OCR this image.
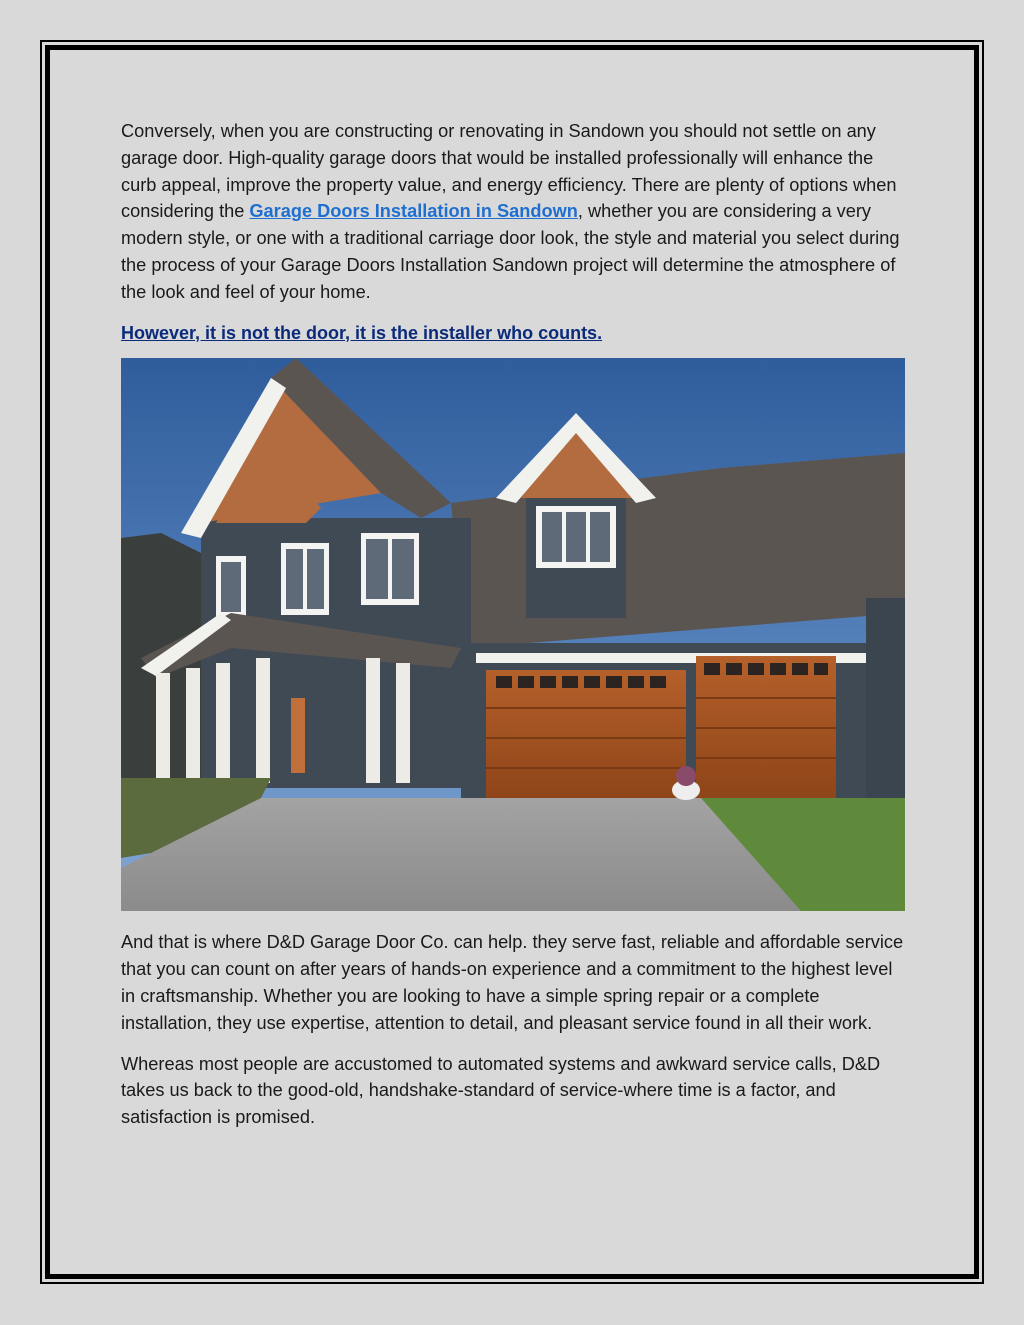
Conversely, when you are constructing or renovating in Sandown you should not settle on any garage door. High-quality garage doors that would be installed professionally will enhance the curb appeal, improve the property value, and energy efficiency. There are plenty of options when considering the Garage Doors Installation in Sandown, whether you are considering a very modern style, or one with a traditional carriage door look, the style and material you select during the process of your Garage Doors Installation Sandown project will determine the atmosphere of the look and feel of your home.

However, it is not the door, it is the installer who counts.

And that is where D&D Garage Door Co. can help. they serve fast, reliable and affordable service that you can count on after years of hands-on experience and a commitment to the highest level in craftsmanship. Whether you are looking to have a simple spring repair or a complete installation, they use expertise, attention to detail, and pleasant service found in all their work.

Whereas most people are accustomed to automated systems and awkward service calls, D&D takes us back to the good-old, handshake-standard of service-where time is a factor, and satisfaction is promised.
